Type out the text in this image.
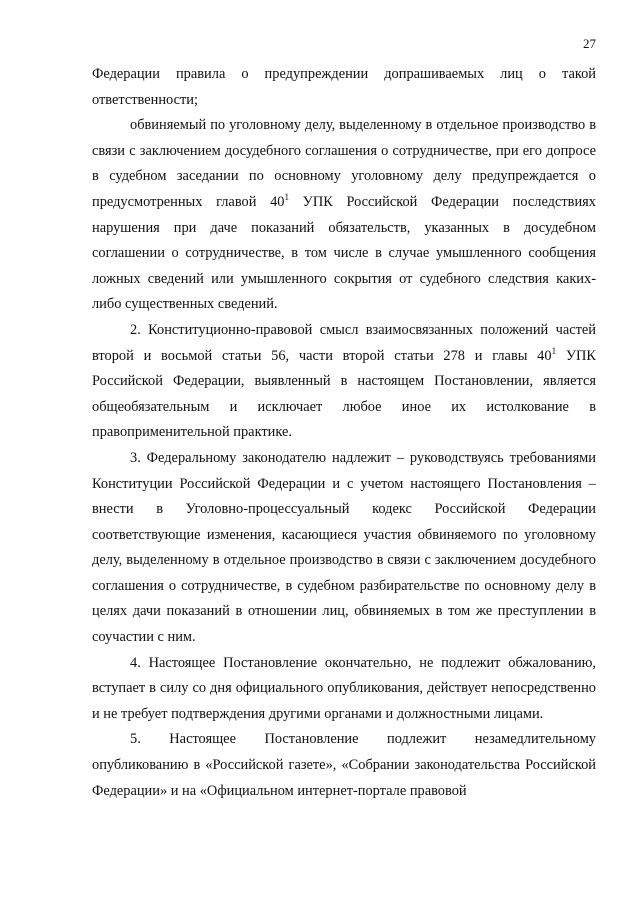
27

Федерации правила о предупреждении допрашиваемых лиц о такой ответственности;

обвиняемый по уголовному делу, выделенному в отдельное производство в связи с заключением досудебного соглашения о сотрудничестве, при его допросе в судебном заседании по основному уголовному делу предупреждается о предусмотренных главой $40^1$ УПК Российской Федерации последствиях нарушения при даче показаний обязательств, указанных в досудебном соглашении о сотрудничестве, в том числе в случае умышленного сообщения ложных сведений или умышленного сокрытия от судебного следствия каких-либо существенных сведений.

2. Конституционно-правовой смысл взаимосвязанных положений частей второй и восьмой статьи 56, части второй статьи 278 и главы $40^1$ УПК Российской Федерации, выявленный в настоящем Постановлении, является общеобязательным и исключает любое иное их истолкование в правоприменительной практике.

3. Федеральному законодателю надлежит – руководствуясь требованиями Конституции Российской Федерации и с учетом настоящего Постановления – внести в Уголовно-процессуальный кодекс Российской Федерации соответствующие изменения, касающиеся участия обвиняемого по уголовному делу, выделенному в отдельное производство в связи с заключением досудебного соглашения о сотрудничестве, в судебном разбирательстве по основному делу в целях дачи показаний в отношении лиц, обвиняемых в том же преступлении в соучастии с ним.

4. Настоящее Постановление окончательно, не подлежит обжалованию, вступает в силу со дня официального опубликования, действует непосредственно и не требует подтверждения другими органами и должностными лицами.

5. Настоящее Постановление подлежит незамедлительному опубликованию в «Российской газете», «Собрании законодательства Российской Федерации» и на «Официальном интернет-портале правовой
